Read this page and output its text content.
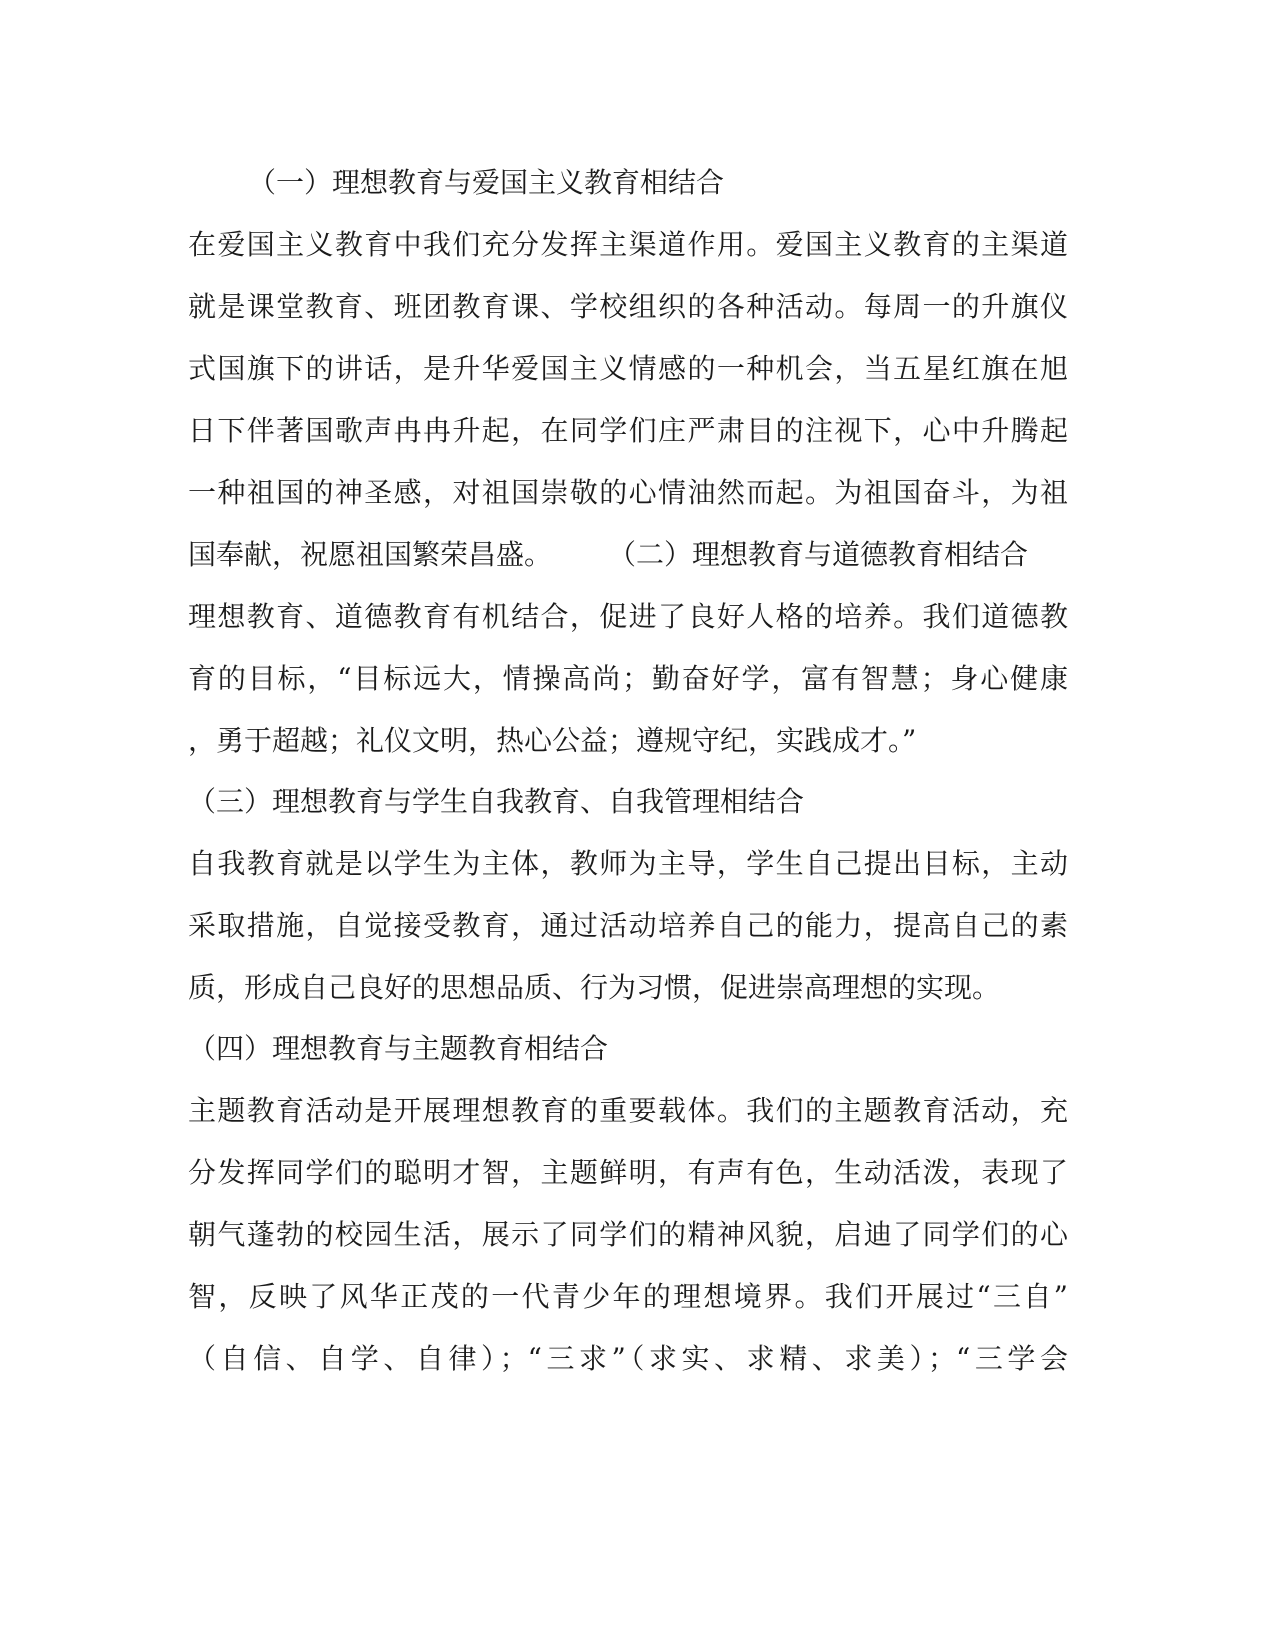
（一）理想教育与爱国主义教育相结合
在爱国主义教育中我们充分发挥主渠道作用。爱国主义教育的主渠道
就是课堂教育、班团教育课、学校组织的各种活动。每周一的升旗仪
式国旗下的讲话，是升华爱国主义情感的一种机会，当五星红旗在旭
日下伴著国歌声冉冉升起，在同学们庄严肃目的注视下，心中升腾起
一种祖国的神圣感，对祖国崇敬的心情油然而起。为祖国奋斗，为祖
国奉献，祝愿祖国繁荣昌盛。 （二）理想教育与道德教育相结合
理想教育、道德教育有机结合，促进了良好人格的培养。我们道德教
育的目标，“目标远大，情操高尚；勤奋好学，富有智慧；身心健康
，勇于超越；礼仪文明，热心公益；遵规守纪，实践成才。”
（三）理想教育与学生自我教育、自我管理相结合
自我教育就是以学生为主体，教师为主导，学生自己提出目标，主动
采取措施，自觉接受教育，通过活动培养自己的能力，提高自己的素
质，形成自己良好的思想品质、行为习惯，促进崇高理想的实现。
（四）理想教育与主题教育相结合
主题教育活动是开展理想教育的重要载体。我们的主题教育活动，充
分发挥同学们的聪明才智，主题鲜明，有声有色，生动活泼，表现了
朝气蓬勃的校园生活，展示了同学们的精神风貌，启迪了同学们的心
智，反映了风华正茂的一代青少年的理想境界。我们开展过“三自”
（自信、自学、自律）；“三求”（求实、求精、求美）；“三学会
